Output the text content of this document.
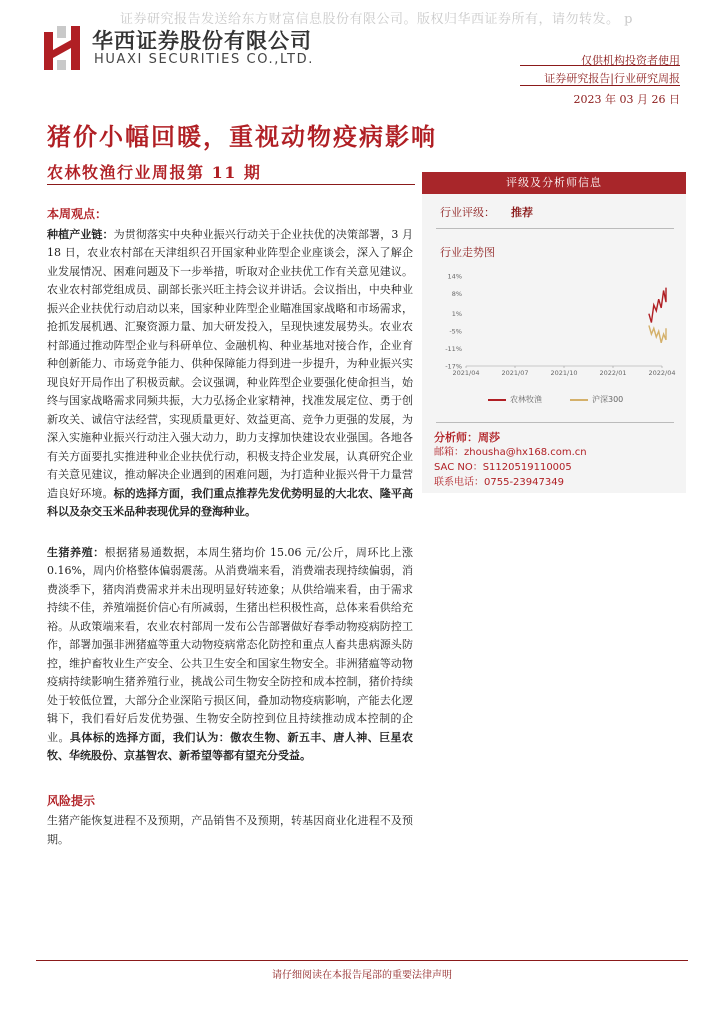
证券研究报告发送给东方财富信息股份有限公司。版权归华西证券所有，请勿转发。 p
华西证券股份有限公司
HUAXI SECURITIES CO.,LTD.	仅供机构投资者使用
证券研究报告|行业研究周报
2023 年 03 月 26 日
猪价小幅回暖，重视动物疫病影响
农林牧渔行业周报第 11 期
本周观点：
种植产业链：为贯彻落实中央种业振兴行动关于企业扶优的决策部署，3 月 18 日，农业农村部在天津组织召开国家种业阵型企业座谈会，深入了解企业发展情况、困难问题及下一步举措，听取对企业扶优工作有关意见建议。农业农村部党组成员、副部长张兴旺主持会议并讲话。会议指出，中央种业振兴企业扶优行动启动以来，国家种业阵型企业瞄准国家战略和市场需求，抢抓发展机遇、汇聚资源力量、加大研发投入，呈现快速发展势头。农业农村部通过推动阵型企业与科研单位、金融机构、种业基地对接合作，企业育种创新能力、市场竞争能力、供种保障能力得到进一步提升，为种业振兴实现良好开局作出了积极贡献。会议强调，种业阵型企业要强化使命担当，始终与国家战略需求同频共振，大力弘扬企业家精神，找准发展定位、勇于创新攻关、诚信守法经营，实现质量更好、效益更高、竞争力更强的发展，为深入实施种业振兴行动注入强大动力，助力支撑加快建设农业强国。各地各有关方面要扎实推进种业企业扶优行动，积极支持企业发展，认真研究企业有关意见建议，推动解决企业遇到的困难问题，为打造种业振兴骨干力量营造良好环境。标的选择方面，我们重点推荐先发优势明显的大北农、隆平高科以及杂交玉米品种表现优异的登海种业。
生猪养殖：根据猪易通数据，本周生猪均价 15.06 元/公斤，周环比上涨 0.16%，周内价格整体偏弱震荡。从消费端来看，消费端表现持续偏弱，消费淡季下，猪肉消费需求并未出现明显好转迹象；从供给端来看，由于需求持续不佳，养殖端挺价信心有所减弱，生猪出栏积极性高，总体来看供给充裕。从政策端来看，农业农村部周一发布公告部署做好春季动物疫病防控工作，部署加强非洲猪瘟等重大动物疫病常态化防控和重点人畜共患病源头防控，维护畜牧业生产安全、公共卫生安全和国家生物安全。非洲猪瘟等动物疫病持续影响生猪养殖行业，挑战公司生物安全防控和成本控制，猪价持续处于较低位置，大部分企业深陷亏损区间，叠加动物疫病影响，产能去化逻辑下，我们看好后发优势强、生物安全防控到位且持续推动成本控制的企业。具体标的选择方面，我们认为：傲农生物、新五丰、唐人神、巨星农牧、华统股份、京基智农、新希望等都有望充分受益。
风险提示
生猪产能恢复进程不及预期，产品销售不及预期，转基因商业化进程不及预期。
评级及分析师信息
行业评级： 推荐
行业走势图
14%
8%
1%
-5%
-11%
-17%
2021/04	2021/07	2021/10	2022/01	2022/04
农林牧渔	沪深300
分析师：周莎
邮箱：zhousha@hx168.com.cn
SAC NO：S1120519110005
联系电话：0755-23947349
请仔细阅读在本报告尾部的重要法律声明
